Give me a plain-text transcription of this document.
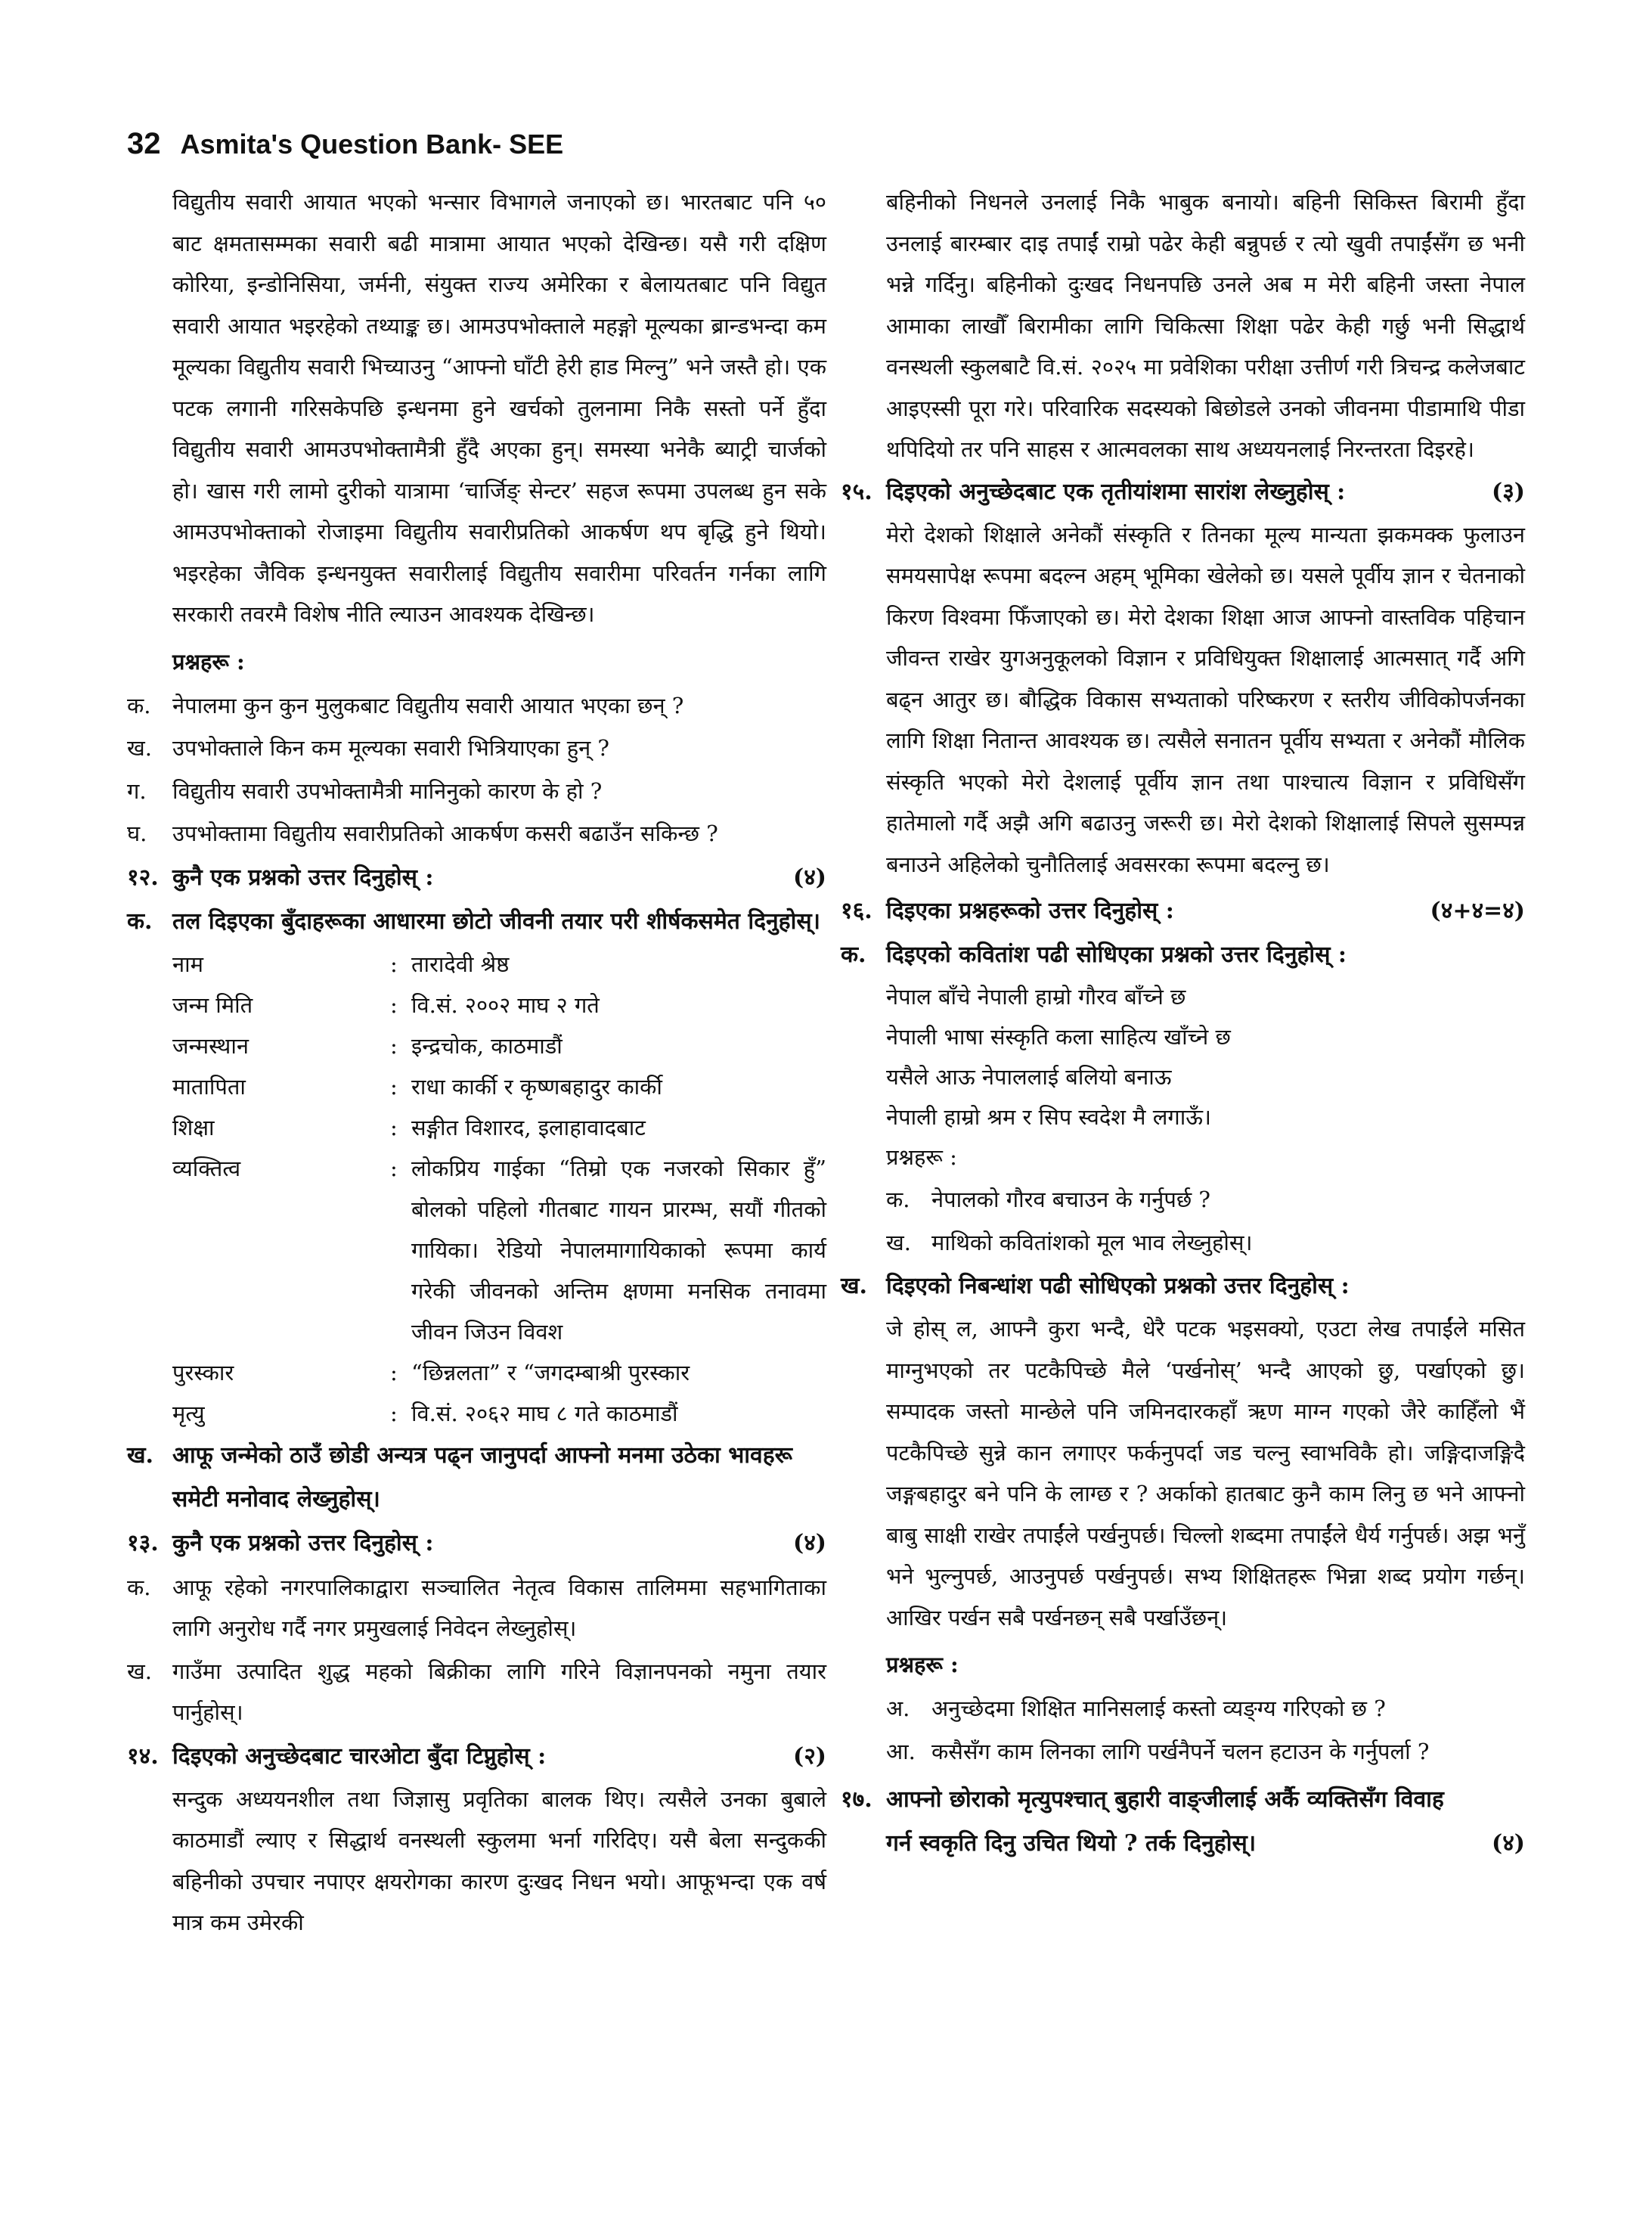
32 Asmita's Question Bank- SEE

विद्युतीय सवारी आयात भएको भन्सार विभागले जनाएको छ। भारतबाट पनि ५० बाट क्षमतासम्मका सवारी बढी मात्रामा आयात भएको देखिन्छ। यसै गरी दक्षिण कोरिया, इन्डोनिसिया, जर्मनी, संयुक्त राज्य अमेरिका र बेलायतबाट पनि विद्युत सवारी आयात भइरहेको तथ्याङ्क छ। आमउपभोक्ताले महङ्गो मूल्यका ब्रान्डभन्दा कम मूल्यका विद्युतीय सवारी भिच्याउनु “आफ्नो घाँटी हेरी हाड मिल्नु” भने जस्तै हो। एक पटक लगानी गरिसकेपछि इन्धनमा हुने खर्चको तुलनामा निकै सस्तो पर्ने हुँदा विद्युतीय सवारी आमउपभोक्तामैत्री हुँदै अएका हुन्। समस्या भनेकै ब्याट्री चार्जको हो। खास गरी लामो दुरीको यात्रामा ‘चार्जिङ् सेन्टर’ सहज रूपमा उपलब्ध हुन सके आमउपभोक्ताको रोजाइमा विद्युतीय सवारीप्रतिको आकर्षण थप बृद्धि हुने थियो। भइरहेका जैविक इन्धनयुक्त सवारीलाई विद्युतीय सवारीमा परिवर्तन गर्नका लागि सरकारी तवरमै विशेष नीति ल्याउन आवश्यक देखिन्छ।

प्रश्नहरू :
क. नेपालमा कुन कुन मुलुकबाट विद्युतीय सवारी आयात भएका छन् ?
ख. उपभोक्ताले किन कम मूल्यका सवारी भित्रियाएका हुन् ?
ग.	विद्युतीय सवारी उपभोक्तामैत्री मानिनुको कारण के हो ?
घ.	उपभोक्तामा विद्युतीय सवारीप्रतिको आकर्षण कसरी बढाउँन सकिन्छ ?
१२. कुनै एक प्रश्नको उत्तर दिनुहोस् :	(४)
क. तल दिइएका बुँदाहरूका आधारमा छोटो जीवनी तयार परी शीर्षकसमेत दिनुहोस्।
नाम	: तारादेवी श्रेष्ठ
जन्म मिति	: वि.सं. २००२ माघ २ गते
जन्मस्थान	: इन्द्रचोक, काठमाडौं
मातापिता	: राधा कार्की र कृष्णबहादुर कार्की
शिक्षा	: सङ्गीत विशारद, इलाहावादबाट
व्यक्तित्व	: लोकप्रिय गाईका “तिम्रो एक नजरको सिकार हुँ” बोलको पहिलो गीतबाट गायन प्रारम्भ, सयौं गीतको गायिका। रेडियो नेपालमागायिकाको रूपमा कार्य गरेकी जीवनको अन्तिम क्षणमा मनसिक तनावमा जीवन जिउन विवश
पुरस्कार	: “छिन्नलता” र “जगदम्बाश्री पुरस्कार
मृत्यु	: वि.सं. २०६२ माघ ८ गते काठमाडौं
ख. आफू जन्मेको ठाउँ छोडी अन्यत्र पढ्न जानुपर्दा आफ्नो मनमा उठेका भावहरू समेटी मनोवाद लेख्नुहोस्।
१३. कुनै एक प्रश्नको उत्तर दिनुहोस् :	(४)
क. आफू रहेको नगरपालिकाद्वारा सञ्चालित नेतृत्व विकास तालिममा सहभागिताका लागि अनुरोध गर्दै नगर प्रमुखलाई निवेदन लेख्नुहोस्।
ख. गाउँमा उत्पादित शुद्ध महको बिक्रीका लागि गरिने विज्ञानपनको नमुना तयार पार्नुहोस्।
१४. दिइएको अनुच्छेदबाट चारओटा बुँदा टिप्नुहोस् :	(२)

सन्दुक अध्ययनशील तथा जिज्ञासु प्रवृतिका बालक थिए। त्यसैले उनका बुबाले काठमाडौं ल्याए र सिद्धार्थ वनस्थली स्कुलमा भर्ना गरिदिए। यसै बेला सन्दुककी बहिनीको उपचार नपाएर क्षयरोगका कारण दुःखद निधन भयो। आफूभन्दा एक वर्ष मात्र कम उमेरकी

बहिनीको निधनले उनलाई निकै भाबुक बनायो। बहिनी सिकिस्त बिरामी हुँदा उनलाई बारम्बार दाइ तपाईं राम्रो पढेर केही बन्नुपर्छ र त्यो खुवी तपाईंसँग छ भनी भन्ने गर्दिनु। बहिनीको दुःखद निधनपछि उनले अब म मेरी बहिनी जस्ता नेपाल आमाका लाखौँ बिरामीका लागि चिकित्सा शिक्षा पढेर केही गर्छु भनी सिद्धार्थ वनस्थली स्कुलबाटै वि.सं. २०२५ मा प्रवेशिका परीक्षा उत्तीर्ण गरी त्रिचन्द्र कलेजबाट आइएस्सी पूरा गरे। परिवारिक सदस्यको बिछोडले उनको जीवनमा पीडामाथि पीडा थपिदियो तर पनि साहस र आत्मवलका साथ अध्ययनलाई निरन्तरता दिइरहे।

१५. दिइएको अनुच्छेदबाट एक तृतीयांशमा सारांश लेख्नुहोस् :	(३)

मेरो देशको शिक्षाले अनेकौं संस्कृति र तिनका मूल्य मान्यता झकमक्क फुलाउन समयसापेक्ष रूपमा बदल्न अहम् भूमिका खेलेको छ। यसले पूर्वीय ज्ञान र चेतनाको किरण विश्वमा फिँजाएको छ। मेरो देशका शिक्षा आज आफ्नो वास्तविक पहिचान जीवन्त राखेर युगअनुकूलको विज्ञान र प्रविधियुक्त शिक्षालाई आत्मसात् गर्दै अगि बढ्न आतुर छ। बौद्धिक विकास सभ्यताको परिष्करण र स्तरीय जीविकोपर्जनका लागि शिक्षा नितान्त आवश्यक छ। त्यसैले सनातन पूर्वीय सभ्यता र अनेकौं मौलिक संस्कृति भएको मेरो देशलाई पूर्वीय ज्ञान तथा पाश्चात्य विज्ञान र प्रविधिसँग हातेमालो गर्दै अझै अगि बढाउनु जरूरी छ। मेरो देशको शिक्षालाई सिपले सुसम्पन्न बनाउने अहिलेको चुनौतिलाई अवसरका रूपमा बदल्नु छ।

१६. दिइएका प्रश्नहरूको उत्तर दिनुहोस् :	(४+४=४)
क. दिइएको कवितांश पढी सोधिएका प्रश्नको उत्तर दिनुहोस् :
नेपाल बाँचे नेपाली हाम्रो गौरव बाँच्ने छ
नेपाली भाषा संस्कृति कला साहित्य खाँच्ने छ
यसैले आऊ नेपाललाई बलियो बनाऊ
नेपाली हाम्रो श्रम र सिप स्वदेश मै लगाऊँ।
प्रश्नहरू :
क. नेपालको गौरव बचाउन के गर्नुपर्छ ?
ख. माथिको कवितांशको मूल भाव लेख्नुहोस्।
ख. दिइएको निबन्धांश पढी सोधिएको प्रश्नको उत्तर दिनुहोस् :

जे होस् ल, आफ्नै कुरा भन्दै, धेरै पटक भइसक्यो, एउटा लेख तपाईंले मसित माग्नुभएको तर पटकैपिच्छे मैले ‘पर्खनोस्’ भन्दै आएको छु, पर्खाएको छु। सम्पादक जस्तो मान्छेले पनि जमिनदारकहाँ ऋण माग्न गएको जैरे काहिँलो भैं पटकैपिच्छे सुन्ने कान लगाएर फर्कनुपर्दा जड चल्नु स्वाभविकै हो। जङ्गिदाजङ्गिदै जङ्गबहादुर बने पनि के लाग्छ र ? अर्काको हातबाट कुनै काम लिनु छ भने आफ्नो बाबु साक्षी राखेर तपाईंले पर्खनुपर्छ। चिल्लो शब्दमा तपाईंले धैर्य गर्नुपर्छ। अझ भनुँ भने भुल्नुपर्छ, आउनुपर्छ पर्खनुपर्छ। सभ्य शिक्षितहरू भिन्ना शब्द प्रयोग गर्छन्। आखिर पर्खन सबै पर्खनछन् सबै पर्खाउँछन्।

प्रश्नहरू :
अ. अनुच्छेदमा शिक्षित मानिसलाई कस्तो व्यङ्ग्य गरिएको छ ?
आ. कसैसँग काम लिनका लागि पर्खनैपर्ने चलन हटाउन के गर्नुपर्ला ?
१७. आफ्नो छोराको मृत्युपश्चात् बुहारी वाङ्जीलाई अर्कै व्यक्तिसँग विवाह गर्न स्वकृति दिनु उचित थियो ? तर्क दिनुहोस्।	(४)
